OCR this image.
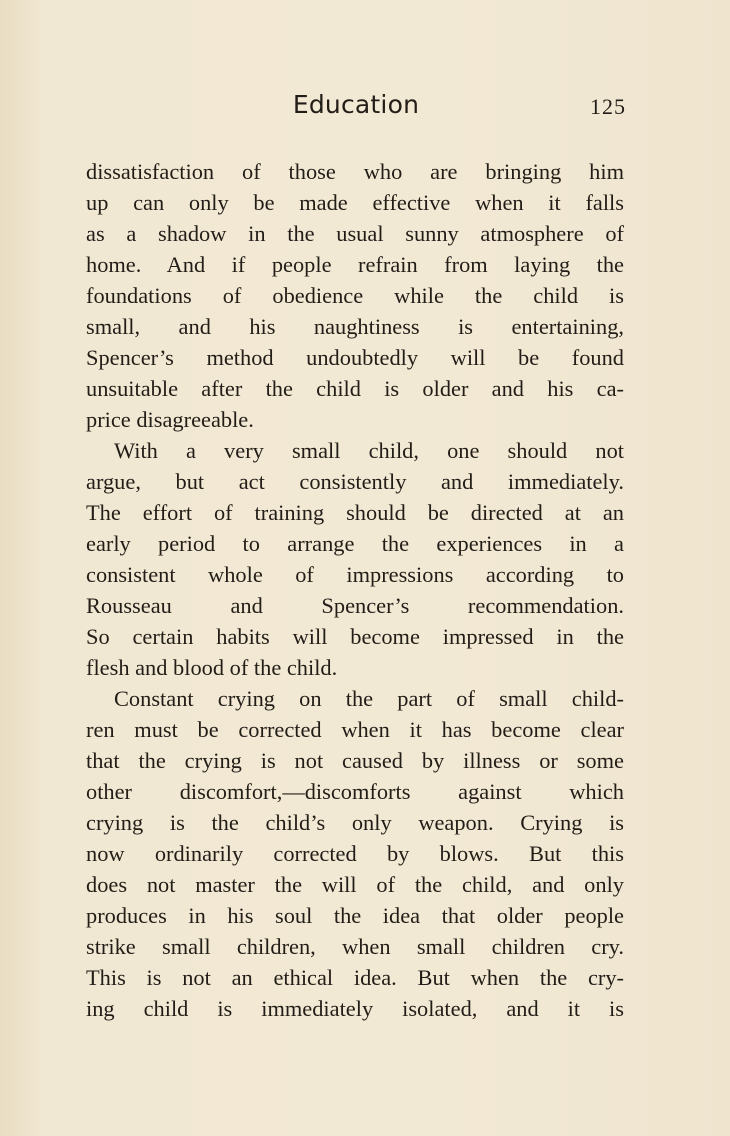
Education	125
dissatisfaction of those who are bringing him
up can only be made effective when it falls
as a shadow in the usual sunny atmosphere of
home. And if people refrain from laying the
foundations of obedience while the child is
small, and his naughtiness is entertaining,
Spencer’s method undoubtedly will be found
unsuitable after the child is older and his ca-
price disagreeable.
With a very small child, one should not
argue, but act consistently and immediately.
The effort of training should be directed at an
early period to arrange the experiences in a
consistent whole of impressions according to
Rousseau and Spencer’s recommendation.
So certain habits will become impressed in the
flesh and blood of the child.
Constant crying on the part of small child-
ren must be corrected when it has become clear
that the crying is not caused by illness or some
other discomfort,—discomforts against which
crying is the child’s only weapon. Crying is
now ordinarily corrected by blows. But this
does not master the will of the child, and only
produces in his soul the idea that older people
strike small children, when small children cry.
This is not an ethical idea. But when the cry-
ing child is immediately isolated, and it is
